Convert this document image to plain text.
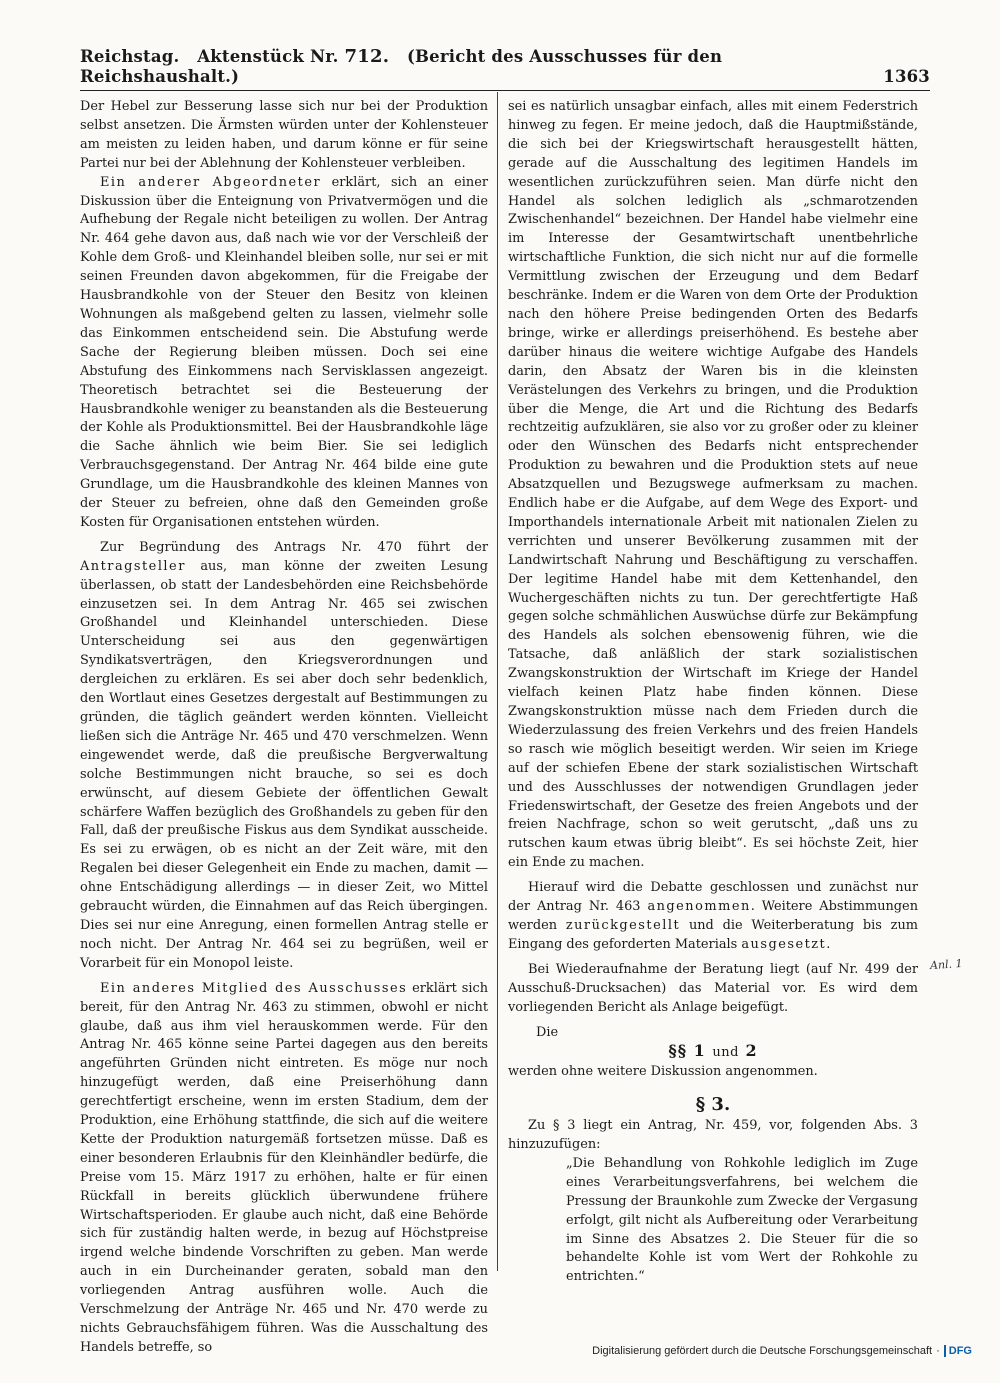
Reichstag. Aktenstück Nr. 712. (Bericht des Ausschusses für den Reichshaushalt.)	1363

Der Hebel zur Besserung lasse sich nur bei der Produktion selbst ansetzen. Die Ärmsten würden unter der Kohlensteuer am meisten zu leiden haben, und darum könne er für seine Partei nur bei der Ablehnung der Kohlensteuer verbleiben.

Ein anderer Abgeordneter erklärt, sich an einer Diskussion über die Enteignung von Privatvermögen und die Aufhebung der Regale nicht beteiligen zu wollen. Der Antrag Nr. 464 gehe davon aus, daß nach wie vor der Verschleiß der Kohle dem Groß- und Kleinhandel bleiben solle, nur sei er mit seinen Freunden davon abgekommen, für die Freigabe der Hausbrandkohle von der Steuer den Besitz von kleinen Wohnungen als maßgebend gelten zu lassen, vielmehr solle das Einkommen entscheidend sein. Die Abstufung werde Sache der Regierung bleiben müssen. Doch sei eine Abstufung des Einkommens nach Servisklassen angezeigt. Theoretisch betrachtet sei die Besteuerung der Hausbrandkohle weniger zu beanstanden als die Besteuerung der Kohle als Produktionsmittel. Bei der Hausbrandkohle läge die Sache ähnlich wie beim Bier. Sie sei lediglich Verbrauchsgegenstand. Der Antrag Nr. 464 bilde eine gute Grundlage, um die Hausbrandkohle des kleinen Mannes von der Steuer zu befreien, ohne daß den Gemeinden große Kosten für Organisationen entstehen würden.

Zur Begründung des Antrags Nr. 470 führt der Antragsteller aus, man könne der zweiten Lesung überlassen, ob statt der Landesbehörden eine Reichsbehörde einzusetzen sei. In dem Antrag Nr. 465 sei zwischen Großhandel und Kleinhandel unterschieden. Diese Unterscheidung sei aus den gegenwärtigen Syndikatsverträgen, den Kriegsverordnungen und dergleichen zu erklären. Es sei aber doch sehr bedenklich, den Wortlaut eines Gesetzes dergestalt auf Bestimmungen zu gründen, die täglich geändert werden könnten. Vielleicht ließen sich die Anträge Nr. 465 und 470 verschmelzen. Wenn eingewendet werde, daß die preußische Bergverwaltung solche Bestimmungen nicht brauche, so sei es doch erwünscht, auf diesem Gebiete der öffentlichen Gewalt schärfere Waffen bezüglich des Großhandels zu geben für den Fall, daß der preußische Fiskus aus dem Syndikat ausscheide. Es sei zu erwägen, ob es nicht an der Zeit wäre, mit den Regalen bei dieser Gelegenheit ein Ende zu machen, damit — ohne Entschädigung allerdings — in dieser Zeit, wo Mittel gebraucht würden, die Einnahmen auf das Reich übergingen. Dies sei nur eine Anregung, einen formellen Antrag stelle er noch nicht. Der Antrag Nr. 464 sei zu begrüßen, weil er Vorarbeit für ein Monopol leiste.

Ein anderes Mitglied des Ausschusses erklärt sich bereit, für den Antrag Nr. 463 zu stimmen, obwohl er nicht glaube, daß aus ihm viel herauskommen werde. Für den Antrag Nr. 465 könne seine Partei dagegen aus den bereits angeführten Gründen nicht eintreten. Es möge nur noch hinzugefügt werden, daß eine Preiserhöhung dann gerechtfertigt erscheine, wenn im ersten Stadium, dem der Produktion, eine Erhöhung stattfinde, die sich auf die weitere Kette der Produktion naturgemäß fortsetzen müsse. Daß es einer besonderen Erlaubnis für den Kleinhändler bedürfe, die Preise vom 15. März 1917 zu erhöhen, halte er für einen Rückfall in bereits glücklich überwundene frühere Wirtschaftsperioden. Er glaube auch nicht, daß eine Behörde sich für zuständig halten werde, in bezug auf Höchstpreise irgend welche bindende Vorschriften zu geben. Man werde auch in ein Durcheinander geraten, sobald man den vorliegenden Antrag ausführen wolle. Auch die Verschmelzung der Anträge Nr. 465 und Nr. 470 werde zu nichts Gebrauchsfähigem führen. Was die Ausschaltung des Handels betreffe, so

sei es natürlich unsagbar einfach, alles mit einem Federstrich hinweg zu fegen. Er meine jedoch, daß die Hauptmißstände, die sich bei der Kriegswirtschaft herausgestellt hätten, gerade auf die Ausschaltung des legitimen Handels im wesentlichen zurückzuführen seien. Man dürfe nicht den Handel als solchen lediglich als „schmarotzenden Zwischenhandel“ bezeichnen. Der Handel habe vielmehr eine im Interesse der Gesamtwirtschaft unentbehrliche wirtschaftliche Funktion, die sich nicht nur auf die formelle Vermittlung zwischen der Erzeugung und dem Bedarf beschränke. Indem er die Waren von dem Orte der Produktion nach den höhere Preise bedingenden Orten des Bedarfs bringe, wirke er allerdings preiserhöhend. Es bestehe aber darüber hinaus die weitere wichtige Aufgabe des Handels darin, den Absatz der Waren bis in die kleinsten Verästelungen des Verkehrs zu bringen, und die Produktion über die Menge, die Art und die Richtung des Bedarfs rechtzeitig aufzuklären, sie also vor zu großer oder zu kleiner oder den Wünschen des Bedarfs nicht entsprechender Produktion zu bewahren und die Produktion stets auf neue Absatzquellen und Bezugswege aufmerksam zu machen. Endlich habe er die Aufgabe, auf dem Wege des Export- und Importhandels internationale Arbeit mit nationalen Zielen zu verrichten und unserer Bevölkerung zusammen mit der Landwirtschaft Nahrung und Beschäftigung zu verschaffen. Der legitime Handel habe mit dem Kettenhandel, den Wuchergeschäften nichts zu tun. Der gerechtfertigte Haß gegen solche schmählichen Auswüchse dürfe zur Bekämpfung des Handels als solchen ebensowenig führen, wie die Tatsache, daß anläßlich der stark sozialistischen Zwangskonstruktion der Wirtschaft im Kriege der Handel vielfach keinen Platz habe finden können. Diese Zwangskonstruktion müsse nach dem Frieden durch die Wiederzulassung des freien Verkehrs und des freien Handels so rasch wie möglich beseitigt werden. Wir seien im Kriege auf der schiefen Ebene der stark sozialistischen Wirtschaft und des Ausschlusses der notwendigen Grundlagen jeder Friedenswirtschaft, der Gesetze des freien Angebots und der freien Nachfrage, schon so weit gerutscht, „daß uns zu rutschen kaum etwas übrig bleibt“. Es sei höchste Zeit, hier ein Ende zu machen.

Hierauf wird die Debatte geschlossen und zunächst nur der Antrag Nr. 463 angenommen. Weitere Abstimmungen werden zurückgestellt und die Weiterberatung bis zum Eingang des geforderten Materials ausgesetzt.

Bei Wiederaufnahme der Beratung liegt (auf Nr. 499 der Ausschuß-Drucksachen) das Material vor. Es wird dem vorliegenden Bericht als Anlage beigefügt.

Die

§§ 1 und 2

werden ohne weitere Diskussion angenommen.

§ 3.

Zu § 3 liegt ein Antrag, Nr. 459, vor, folgenden Abs. 3 hinzuzufügen:

„Die Behandlung von Rohkohle lediglich im Zuge eines Verarbeitungsverfahrens, bei welchem die Pressung der Braunkohle zum Zwecke der Vergasung erfolgt, gilt nicht als Aufbereitung oder Verarbeitung im Sinne des Absatzes 2. Die Steuer für die so behandelte Kohle ist vom Wert der Rohkohle zu entrichten.“

Anl. 1
Digitalisierung gefördert durch die Deutsche Forschungsgemeinschaft · DFG
